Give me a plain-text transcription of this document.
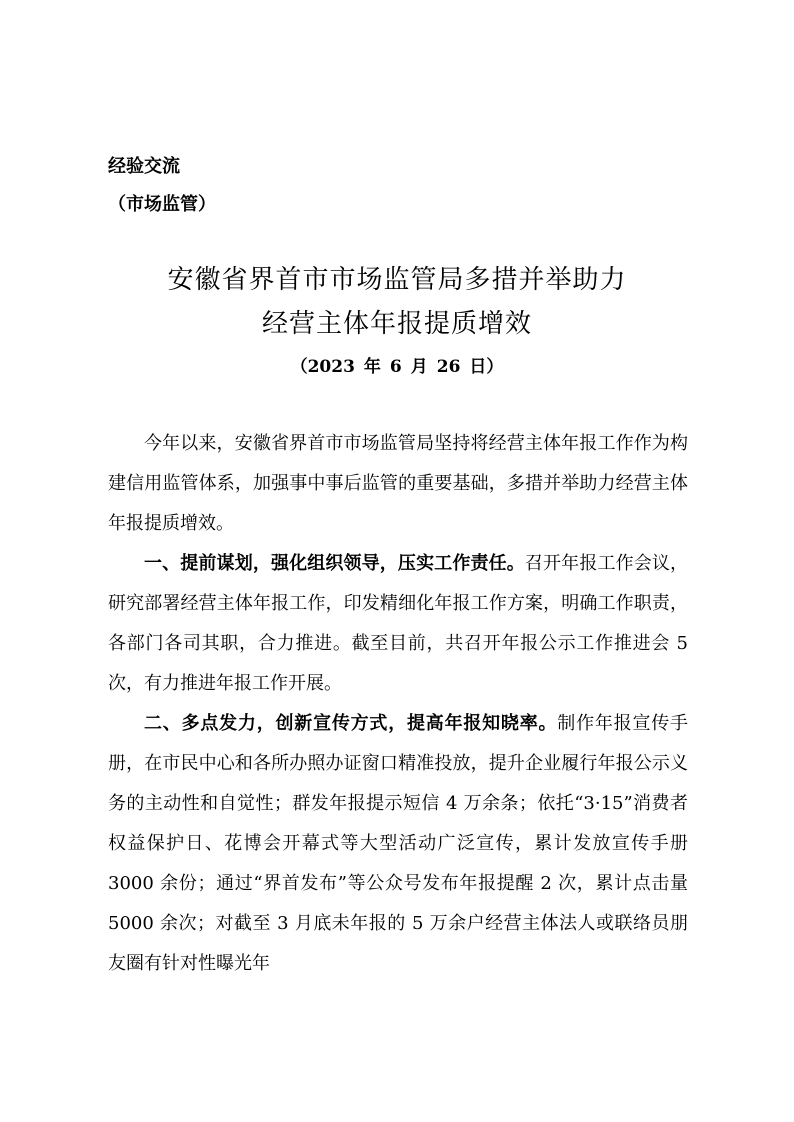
经验交流
（市场监管）
安徽省界首市市场监管局多措并举助力
经营主体年报提质增效
（2023 年 6 月 26 日）

今年以来，安徽省界首市市场监管局坚持将经营主体年报工作作为构建信用监管体系，加强事中事后监管的重要基础，多措并举助力经营主体年报提质增效。

一、提前谋划，强化组织领导，压实工作责任。召开年报工作会议，研究部署经营主体年报工作，印发精细化年报工作方案，明确工作职责，各部门各司其职，合力推进。截至目前，共召开年报公示工作推进会 5 次，有力推进年报工作开展。

二、多点发力，创新宣传方式，提高年报知晓率。制作年报宣传手册，在市民中心和各所办照办证窗口精准投放，提升企业履行年报公示义务的主动性和自觉性；群发年报提示短信 4 万余条；依托“3·15”消费者权益保护日、花博会开幕式等大型活动广泛宣传，累计发放宣传手册 3000 余份；通过“界首发布”等公众号发布年报提醒 2 次，累计点击量 5000 余次；对截至 3 月底未年报的 5 万余户经营主体法人或联络员朋友圈有针对性曝光年
